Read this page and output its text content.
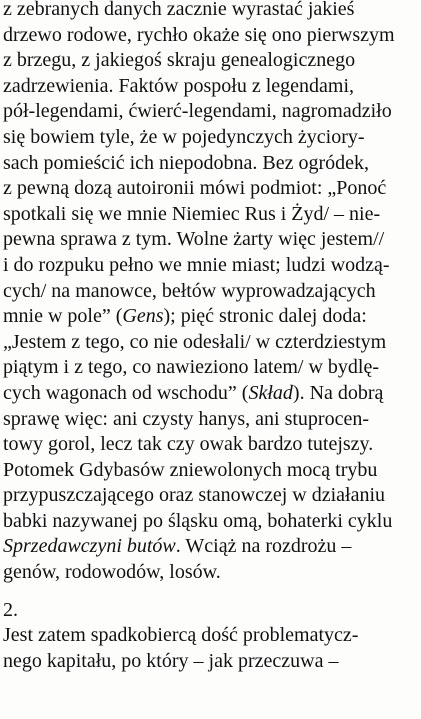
z zebranych danych zacznie wyrastać jakieś
drzewo rodowe, rychło okaże się ono pierwszym
z brzegu, z jakiegoś skraju genealogicznego
zadrzewienia. Faktów pospołu z legendami,
pół-legendami, ćwierć-legendami, nagromadziło
się bowiem tyle, że w pojedynczych życiory-
sach pomieścić ich niepodobna. Bez ogródek,
z pewną dozą autoironii mówi podmiot: „Ponoć
spotkali się we mnie Niemiec Rus i Żyd/ – nie-
pewna sprawa z tym. Wolne żarty więc jestem//
i do rozpuku pełno we mnie miast; ludzi wodzą-
cych/ na manowce, bełtów wyprowadzających
mnie w pole” (Gens); pięć stronic dalej doda:
„Jestem z tego, co nie odesłali/ w czterdziestym
piątym i z tego, co nawieziono latem/ w bydlę-
cych wagonach od wschodu” (Skład). Na dobrą
sprawę więc: ani czysty hanys, ani stuprocen-
towy gorol, lecz tak czy owak bardzo tutejszy.
Potomek Gdybasów zniewolonych mocą trybu
przypuszczającego oraz stanowczej w działaniu
babki nazywanej po śląsku omą, bohaterki cyklu
Sprzedawczyni butów. Wciąż na rozdrożu –
genów, rodowodów, losów.
2.
Jest zatem spadkobiercą dość problematycz-
nego kapitału, po który – jak przeczuwa –
